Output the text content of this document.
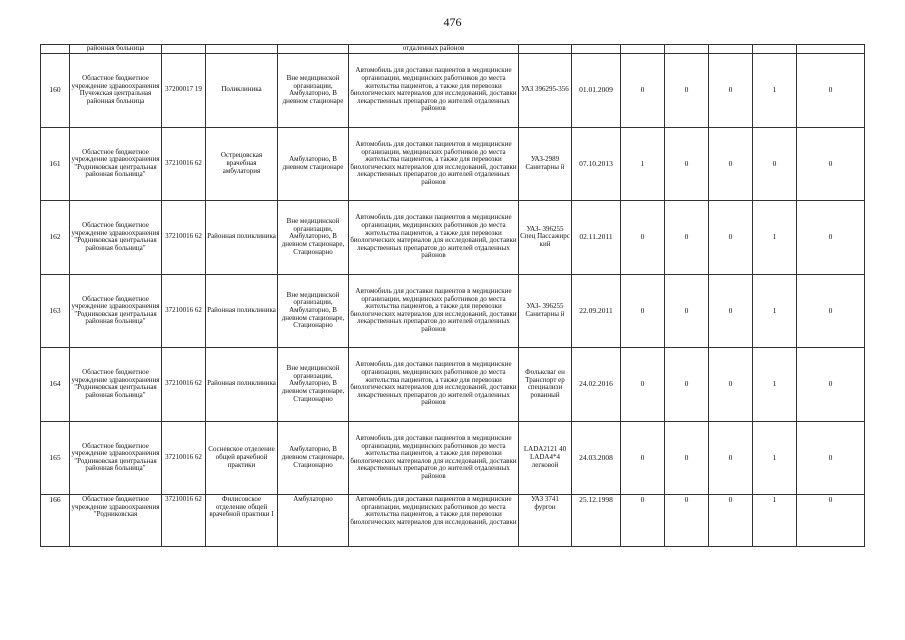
476
	районная больница				отдаленных районов							
160	Областное бюджетное учреждение здравоохранения Пучежская центральная районная больница	37200017 19	Поликлиника	Вне медицинской организации, Амбулаторно, В дневном стационаре	Автомобиль для доставки пациентов в медицинские организации, медицинских работников до места жительства пациентов, а также для перевозки биологических материалов для исследований, доставки лекарственных препаратов до жителей отдаленных районов	УАЗ 396295-356	01.01.2009	0	0	0	1	0
161	Областное бюджетное учреждение здравоохранения "Родниковская центральная районная больница"	37210016 62	Острецовская врачебная амбулатория	Амбулаторно, В дневном стационаре	Автомобиль для доставки пациентов в медицинские организации, медицинских работников до места жительства пациентов, а также для перевозки биологических материалов для исследований, доставки лекарственных препаратов до жителей отдаленных районов	УАЗ-2989 Санитарны й	07.10.2013	1	0	0	0	0
162	Областное бюджетное учреждение здравоохранения "Родниковская центральная районная больница"	37210016 62	Районная поликлиника	Вне медицинской организации, Амбулаторно, В дневном стационаре, Стационарно	Автомобиль для доставки пациентов в медицинские организации, медицинских работников до места жительства пациентов, а также для перевозки биологических материалов для исследований, доставки лекарственных препаратов до жителей отдаленных районов	УАЗ- 396255 Спец Пассажирс кий	02.11.2011	0	0	0	1	0
163	Областное бюджетное учреждение здравоохранения "Родниковская центральная районная больница"	37210016 62	Районная поликлиника	Вне медицинской организации, Амбулаторно, В дневном стационаре, Стационарно	Автомобиль для доставки пациентов в медицинские организации, медицинских работников до места жительства пациентов, а также для перевозки биологических материалов для исследований, доставки лекарственных препаратов до жителей отдаленных районов	УАЗ- 396255 Санитарны й	22.09.2011	0	0	0	1	0
164	Областное бюджетное учреждение здравоохранения "Родниковская центральная районная больница"	37210016 62	Районная поликлиника	Вне медицинской организации, Амбулаторно, В дневном стационаре, Стационарно	Автомобиль для доставки пациентов в медицинские организации, медицинских работников до места жительства пациентов, а также для перевозки биологических материалов для исследований, доставки лекарственных препаратов до жителей отдаленных районов	Фольксваг ен Транспорт ер специализи рованный	24.02.2016	0	0	0	1	0
165	Областное бюджетное учреждение здравоохранения "Родниковская центральная районная больница"	37210016 62	Сосневское отделение общей врачебной практики	Амбулаторно, В дневном стационаре, Стационарно	Автомобиль для доставки пациентов в медицинские организации, медицинских работников до места жительства пациентов, а также для перевозки биологических материалов для исследований, доставки лекарственных препаратов до жителей отдаленных районов	LADA2121 40 LADA4*4 легковой	24.03.2008	0	0	0	1	0
166	Областное бюджетное учреждение здравоохранения "Родниковская	37210016 62	Филисовское отделение общей врачебной практики I	Амбулаторно	Автомобиль для доставки пациентов в медицинские организации, медицинских работников до места жительства пациентов, а также для перевозки биологических материалов для исследований, доставки	УАЗ 3741 фургон	25.12.1998	0	0	0	1	0
